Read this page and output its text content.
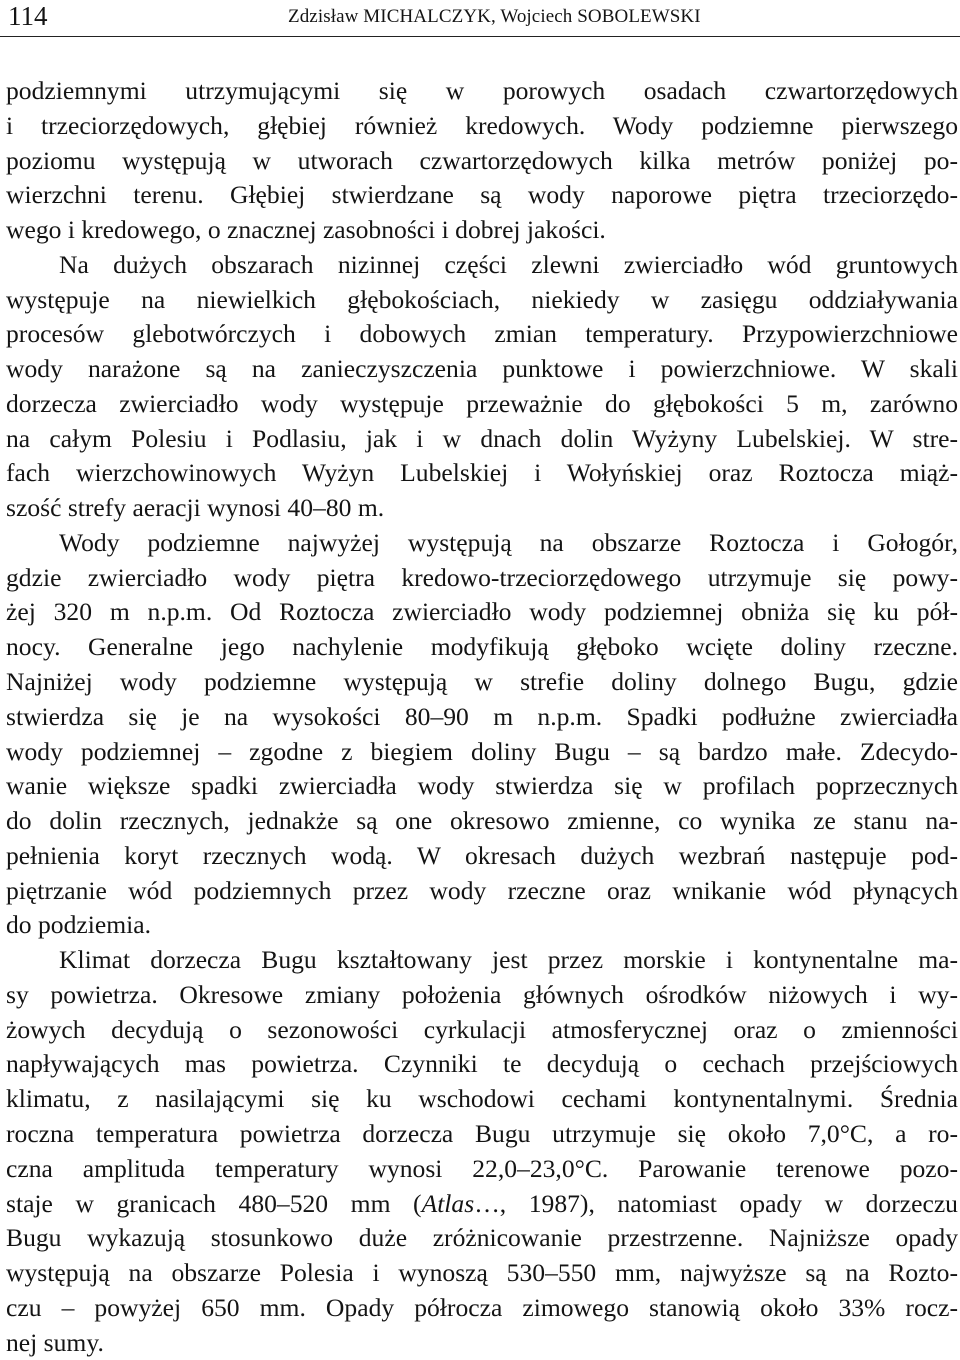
114	Zdzisław MICHALCZYK, Wojciech SOBOLEWSKI
podziemnymi utrzymującymi się w porowych osadach czwartorzędowych
i trzeciorzędowych, głębiej również kredowych. Wody podziemne pierwszego
poziomu występują w utworach czwartorzędowych kilka metrów poniżej po-
wierzchni terenu. Głębiej stwierdzane są wody naporowe piętra trzeciorzędo-
wego i kredowego, o znacznej zasobności i dobrej jakości.
Na dużych obszarach nizinnej części zlewni zwierciadło wód gruntowych
występuje na niewielkich głębokościach, niekiedy w zasięgu oddziaływania
procesów glebotwórczych i dobowych zmian temperatury. Przypowierzchniowe
wody narażone są na zanieczyszczenia punktowe i powierzchniowe. W skali
dorzecza zwierciadło wody występuje przeważnie do głębokości 5 m, zarówno
na całym Polesiu i Podlasiu, jak i w dnach dolin Wyżyny Lubelskiej. W stre-
fach wierzchowinowych Wyżyn Lubelskiej i Wołyńskiej oraz Roztocza miąż-
szość strefy aeracji wynosi 40–80 m.
Wody podziemne najwyżej występują na obszarze Roztocza i Gołogór,
gdzie zwierciadło wody piętra kredowo-trzeciorzędowego utrzymuje się powy-
żej 320 m n.p.m. Od Roztocza zwierciadło wody podziemnej obniża się ku pół-
nocy. Generalne jego nachylenie modyfikują głęboko wcięte doliny rzeczne.
Najniżej wody podziemne występują w strefie doliny dolnego Bugu, gdzie
stwierdza się je na wysokości 80–90 m n.p.m. Spadki podłużne zwierciadła
wody podziemnej – zgodne z biegiem doliny Bugu – są bardzo małe. Zdecydo-
wanie większe spadki zwierciadła wody stwierdza się w profilach poprzecznych
do dolin rzecznych, jednakże są one okresowo zmienne, co wynika ze stanu na-
pełnienia koryt rzecznych wodą. W okresach dużych wezbrań następuje pod-
piętrzanie wód podziemnych przez wody rzeczne oraz wnikanie wód płynących
do podziemia.
Klimat dorzecza Bugu kształtowany jest przez morskie i kontynentalne ma-
sy powietrza. Okresowe zmiany położenia głównych ośrodków niżowych i wy-
żowych decydują o sezonowości cyrkulacji atmosferycznej oraz o zmienności
napływających mas powietrza. Czynniki te decydują o cechach przejściowych
klimatu, z nasilającymi się ku wschodowi cechami kontynentalnymi. Średnia
roczna temperatura powietrza dorzecza Bugu utrzymuje się około 7,0°C, a ro-
czna amplituda temperatury wynosi 22,0–23,0°C. Parowanie terenowe pozo-
staje w granicach 480–520 mm (Atlas…, 1987), natomiast opady w dorzeczu
Bugu wykazują stosunkowo duże zróżnicowanie przestrzenne. Najniższe opady
występują na obszarze Polesia i wynoszą 530–550 mm, najwyższe są na Rozto-
czu – powyżej 650 mm. Opady półrocza zimowego stanowią około 33% rocz-
nej sumy.
